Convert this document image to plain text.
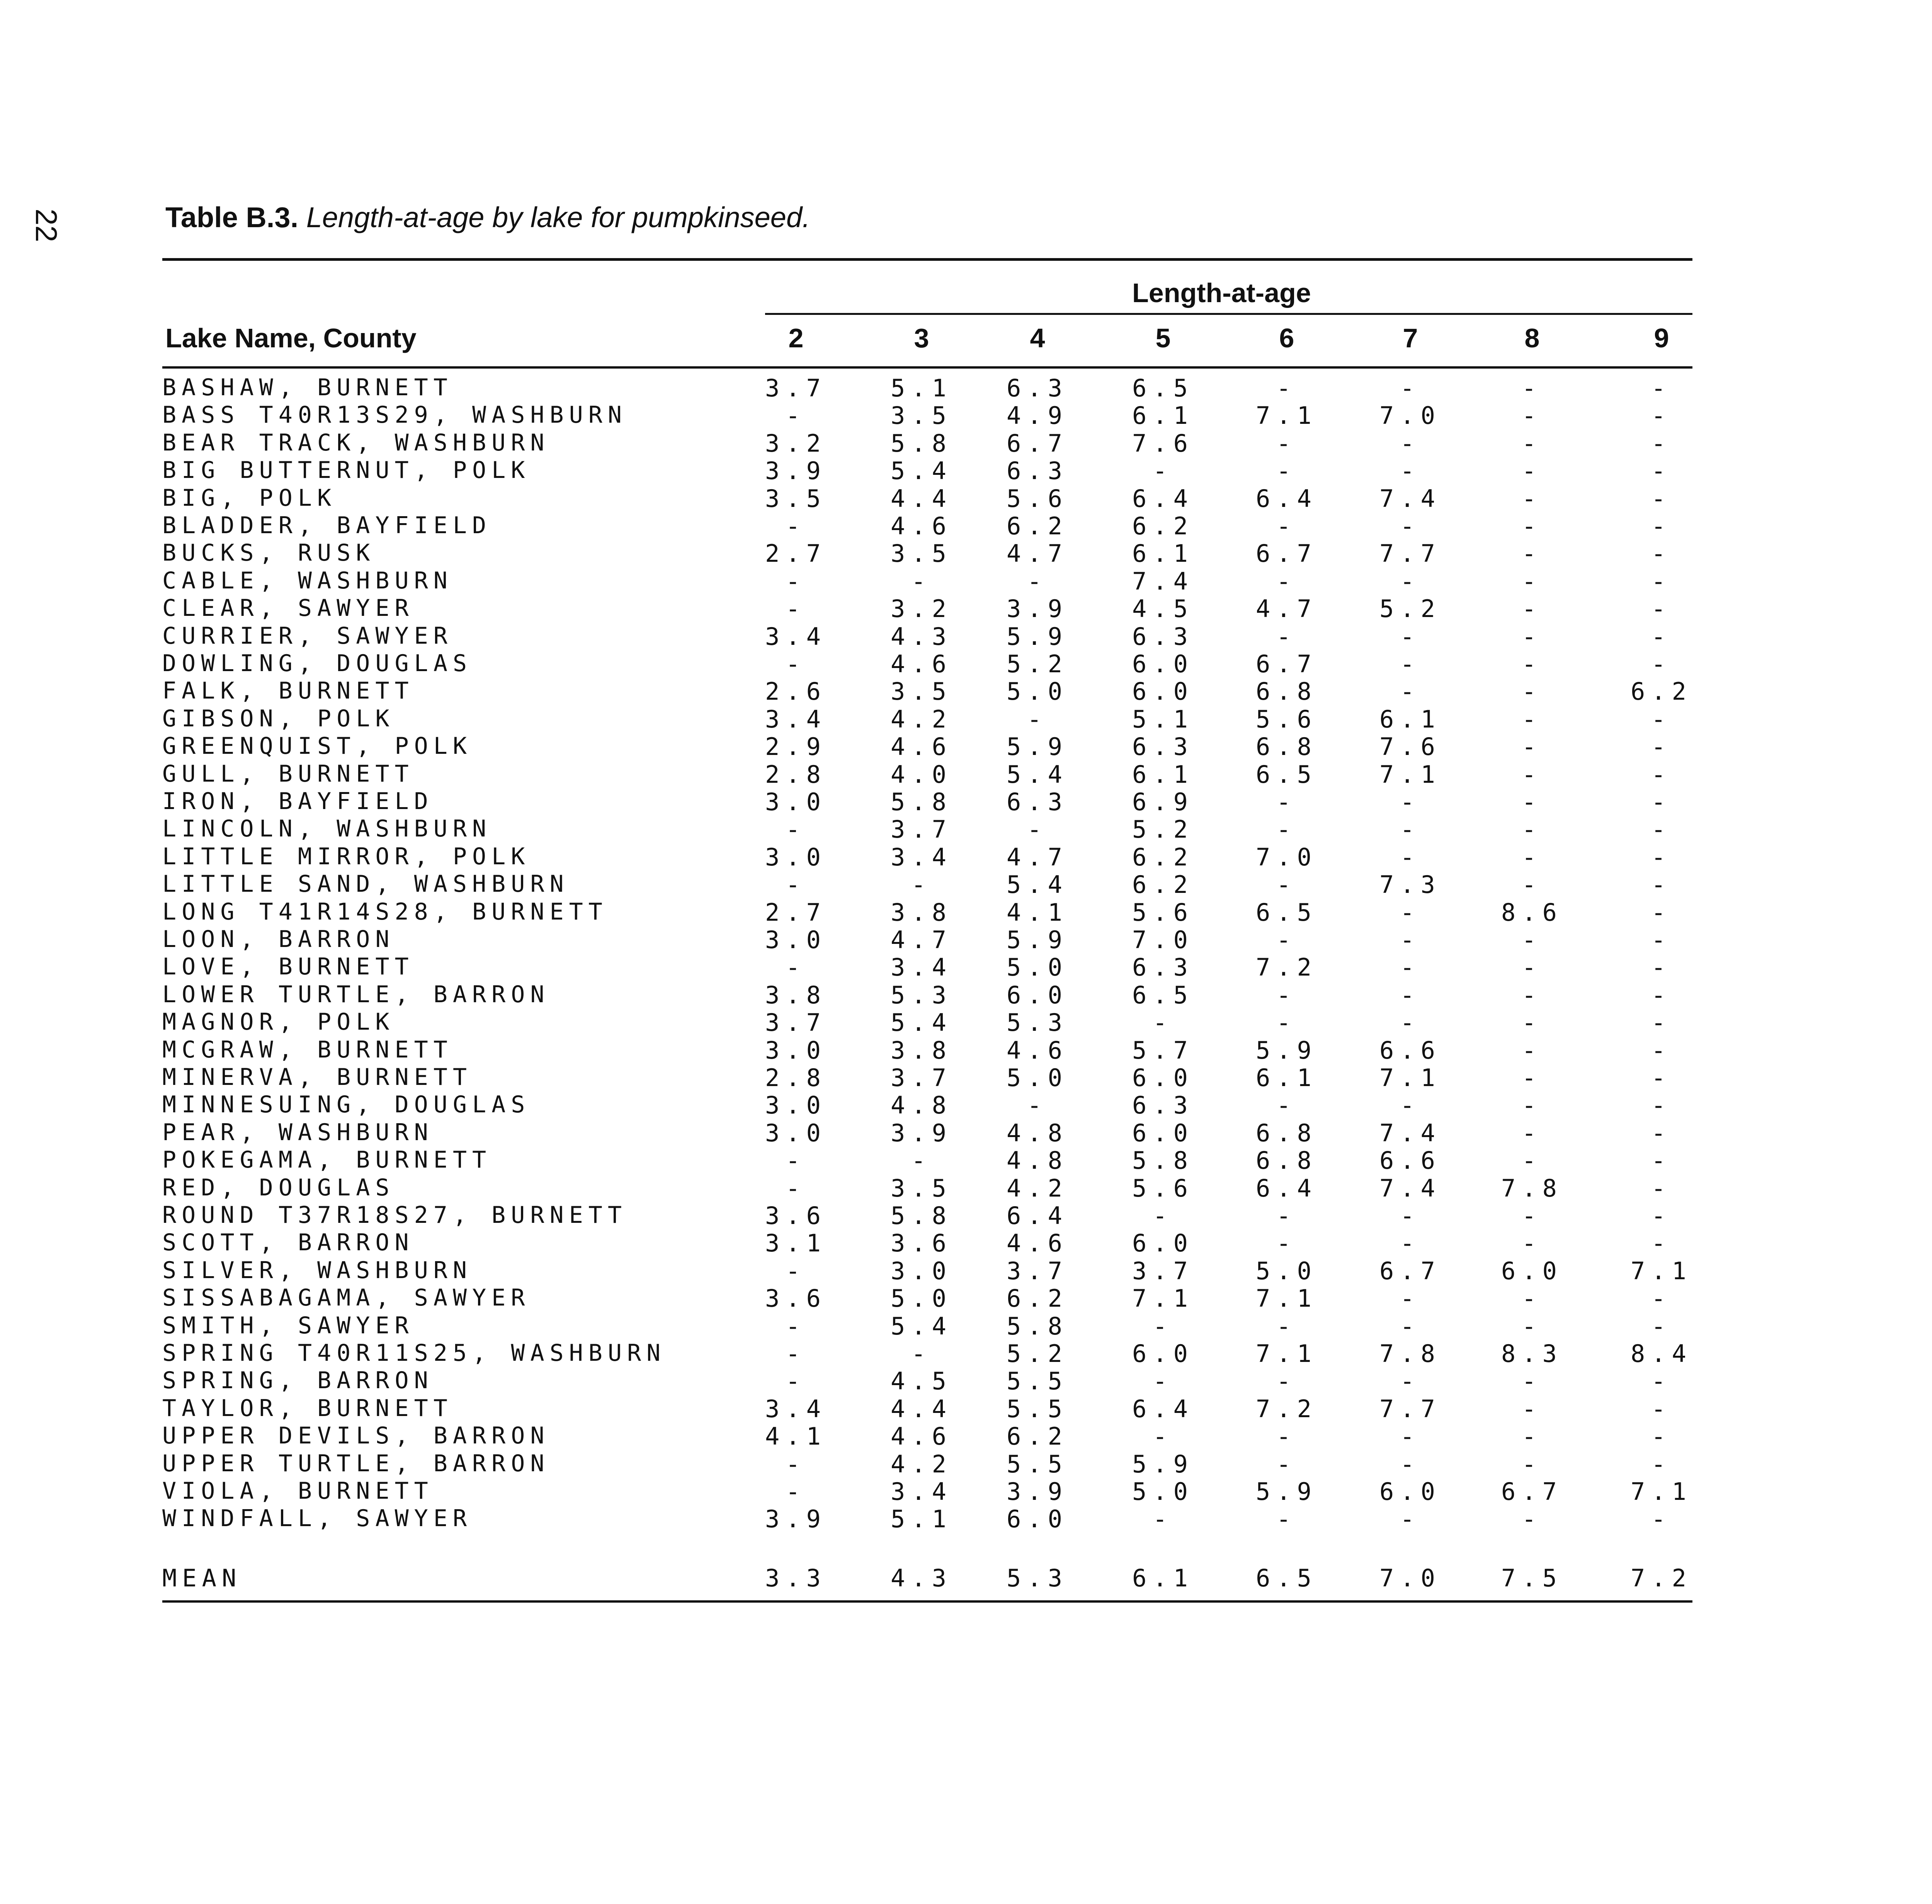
22	Table B.3. Length-at-age by lake for pumpkinseed.
Length-at-age
Lake Name, County	2	3	4	5	6	7	8	9
BASHAW, BURNETT	3.7	5.1	6.3	6.5	-	-	-	-
BASS T40R13S29, WASHBURN	-	3.5	4.9	6.1	7.1	7.0	-	-
BEAR TRACK, WASHBURN	3.2	5.8	6.7	7.6	-	-	-	-
BIG BUTTERNUT, POLK	3.9	5.4	6.3	-	-	-	-	-
BIG, POLK	3.5	4.4	5.6	6.4	6.4	7.4	-	-
BLADDER, BAYFIELD	-	4.6	6.2	6.2	-	-	-	-
BUCKS, RUSK	2.7	3.5	4.7	6.1	6.7	7.7	-	-
CABLE, WASHBURN	-	-	-	7.4	-	-	-	-
CLEAR, SAWYER	-	3.2	3.9	4.5	4.7	5.2	-	-
CURRIER, SAWYER	3.4	4.3	5.9	6.3	-	-	-	-
DOWLING, DOUGLAS	-	4.6	5.2	6.0	6.7	-	-	-
FALK, BURNETT	2.6	3.5	5.0	6.0	6.8	-	-	6.2
GIBSON, POLK	3.4	4.2	-	5.1	5.6	6.1	-	-
GREENQUIST, POLK	2.9	4.6	5.9	6.3	6.8	7.6	-	-
GULL, BURNETT	2.8	4.0	5.4	6.1	6.5	7.1	-	-
IRON, BAYFIELD	3.0	5.8	6.3	6.9	-	-	-	-
LINCOLN, WASHBURN	-	3.7	-	5.2	-	-	-	-
LITTLE MIRROR, POLK	3.0	3.4	4.7	6.2	7.0	-	-	-
LITTLE SAND, WASHBURN	-	-	5.4	6.2	-	7.3	-	-
LONG T41R14S28, BURNETT	2.7	3.8	4.1	5.6	6.5	-	8.6	-
LOON, BARRON	3.0	4.7	5.9	7.0	-	-	-	-
LOVE, BURNETT	-	3.4	5.0	6.3	7.2	-	-	-
LOWER TURTLE, BARRON	3.8	5.3	6.0	6.5	-	-	-	-
MAGNOR, POLK	3.7	5.4	5.3	-	-	-	-	-
MCGRAW, BURNETT	3.0	3.8	4.6	5.7	5.9	6.6	-	-
MINERVA, BURNETT	2.8	3.7	5.0	6.0	6.1	7.1	-	-
MINNESUING, DOUGLAS	3.0	4.8	-	6.3	-	-	-	-
PEAR, WASHBURN	3.0	3.9	4.8	6.0	6.8	7.4	-	-
POKEGAMA, BURNETT	-	-	4.8	5.8	6.8	6.6	-	-
RED, DOUGLAS	-	3.5	4.2	5.6	6.4	7.4	7.8	-
ROUND T37R18S27, BURNETT	3.6	5.8	6.4	-	-	-	-	-
SCOTT, BARRON	3.1	3.6	4.6	6.0	-	-	-	-
SILVER, WASHBURN	-	3.0	3.7	3.7	5.0	6.7	6.0	7.1
SISSABAGAMA, SAWYER	3.6	5.0	6.2	7.1	7.1	-	-	-
SMITH, SAWYER	-	5.4	5.8	-	-	-	-	-
SPRING T40R11S25, WASHBURN	-	-	5.2	6.0	7.1	7.8	8.3	8.4
SPRING, BARRON	-	4.5	5.5	-	-	-	-	-
TAYLOR, BURNETT	3.4	4.4	5.5	6.4	7.2	7.7	-	-
UPPER DEVILS, BARRON	4.1	4.6	6.2	-	-	-	-	-
UPPER TURTLE, BARRON	-	4.2	5.5	5.9	-	-	-	-
VIOLA, BURNETT	-	3.4	3.9	5.0	5.9	6.0	6.7	7.1
WINDFALL, SAWYER	3.9	5.1	6.0	-	-	-	-	-
MEAN	3.3	4.3	5.3	6.1	6.5	7.0	7.5	7.2
